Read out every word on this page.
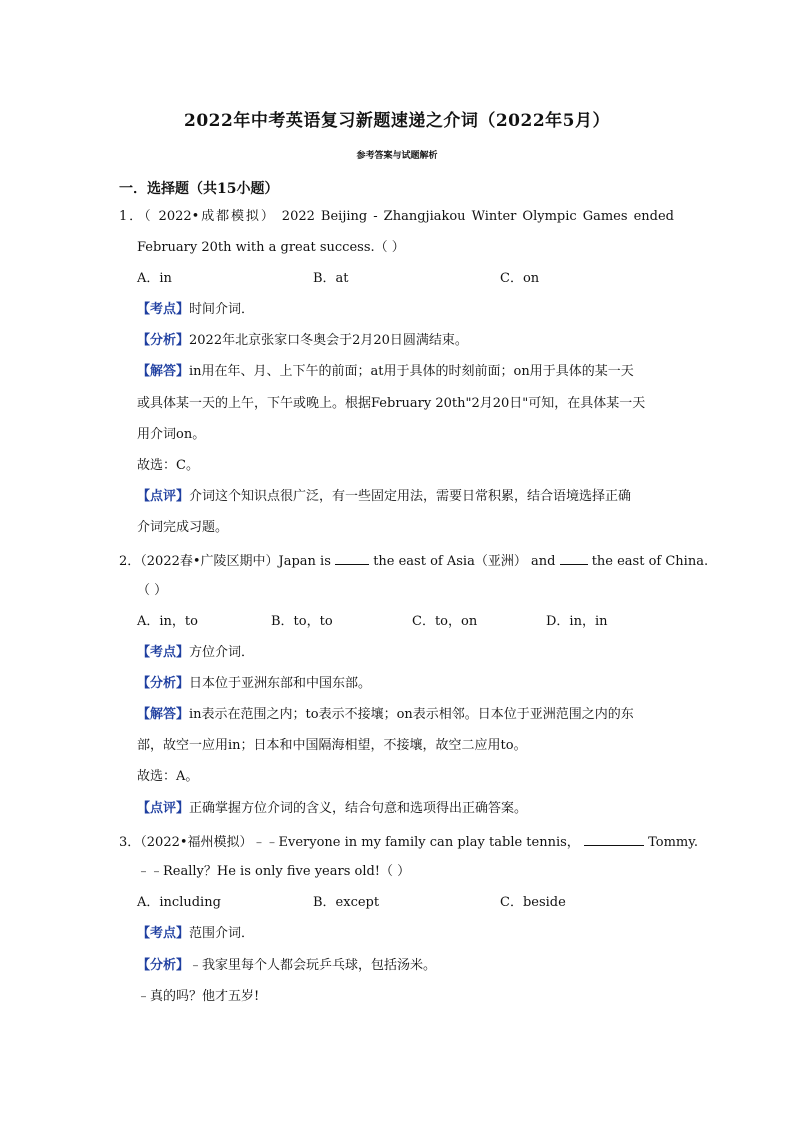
2022年中考英语复习新题速递之介词（2022年5月）
参考答案与试题解析
一．选择题（共15小题）
1．（ 2022•成都模拟） 2022 Beijing - Zhangjiakou Winter Olympic Games ended
February 20th with a great success.（ ）
A．in	B．at	C．on
【考点】时间介词．
【分析】2022年北京张家口冬奥会于2月20日圆满结束。
【解答】in用在年、月、上下午的前面；at用于具体的时刻前面；on用于具体的某一天
或具体某一天的上午，下午或晚上。根据February 20th"2月20日"可知，在具体某一天
用介词on。
故选：C。
【点评】介词这个知识点很广泛，有一些固定用法，需要日常积累，结合语境选择正确
介词完成习题。
2．（2022春•广陵区期中）Japan is	the east of Asia（亚洲） and	the east of China.
（ ）
A．in，to	B．to，to	C．to，on	D．in，in
【考点】方位介词．
【分析】日本位于亚洲东部和中国东部。
【解答】in表示在范围之内；to表示不接壤；on表示相邻。日本位于亚洲范围之内的东
部，故空一应用in；日本和中国隔海相望，不接壤，故空二应用to。
故选：A。
【点评】正确掌握方位介词的含义，结合句意和选项得出正确答案。
3．（2022•福州模拟）﹣﹣Everyone in my family can play table tennis，	Tommy.
﹣﹣Really？He is only five years old!（ ）
A．including	B．except	C．beside
【考点】范围介词．
【分析】﹣我家里每个人都会玩乒乓球，包括汤米。
﹣真的吗？他才五岁!
